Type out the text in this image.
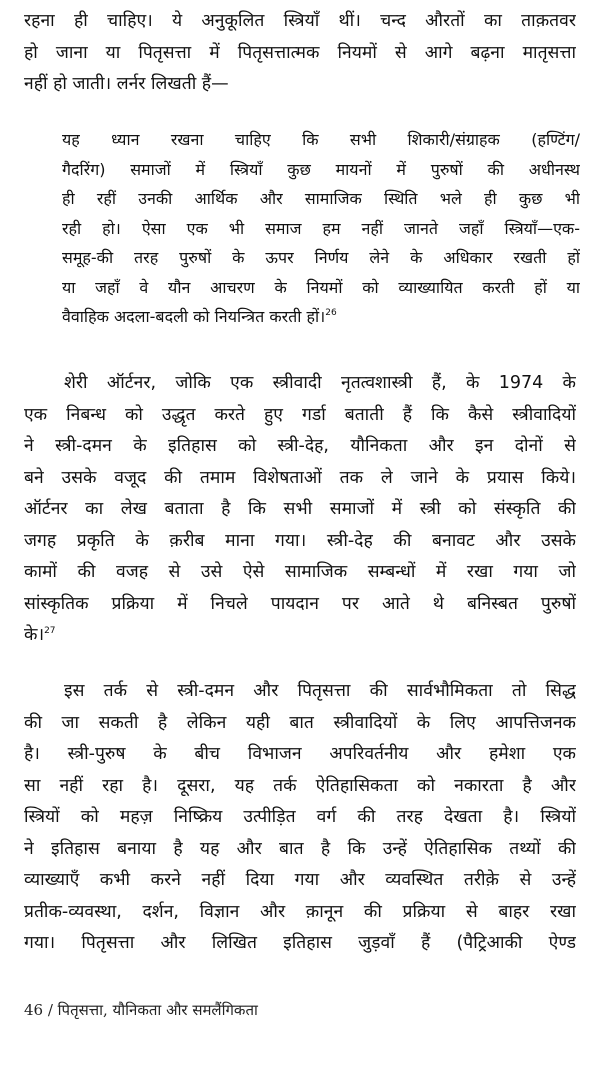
रहना ही चाहिए। ये अनुकूलित स्त्रियाँ थीं। चन्द औरतों का ताक़तवर
हो जाना या पितृसत्ता में पितृसत्तात्मक नियमों से आगे बढ़ना मातृसत्ता
नहीं हो जाती। लर्नर लिखती हैं—

यह ध्यान रखना चाहिए कि सभी शिकारी/संग्राहक (हण्टिंग/
गैदरिंग) समाजों में स्त्रियाँ कुछ मायनों में पुरुषों की अधीनस्थ
ही रहीं उनकी आर्थिक और सामाजिक स्थिति भले ही कुछ भी
रही हो। ऐसा एक भी समाज हम नहीं जानते जहाँ स्त्रियाँ—एक-
समूह-की तरह पुरुषों के ऊपर निर्णय लेने के अधिकार रखती हों
या जहाँ वे यौन आचरण के नियमों को व्याख्यायित करती हों या
वैवाहिक अदला-बदली को नियन्त्रित करती हों।$^{26}$

शेरी ऑर्टनर, जोकि एक स्त्रीवादी नृतत्वशास्त्री हैं, के 1974 के
एक निबन्ध को उद्धृत करते हुए गर्डा बताती हैं कि कैसे स्त्रीवादियों
ने स्त्री-दमन के इतिहास को स्त्री-देह, यौनिकता और इन दोनों से
बने उसके वजूद की तमाम विशेषताओं तक ले जाने के प्रयास किये।
ऑर्टनर का लेख बताता है कि सभी समाजों में स्त्री को संस्कृति की
जगह प्रकृति के क़रीब माना गया। स्त्री-देह की बनावट और उसके
कामों की वजह से उसे ऐसे सामाजिक सम्बन्धों में रखा गया जो
सांस्कृतिक प्रक्रिया में निचले पायदान पर आते थे बनिस्बत पुरुषों
के।$^{27}$

इस तर्क से स्त्री-दमन और पितृसत्ता की सार्वभौमिकता तो सिद्ध
की जा सकती है लेकिन यही बात स्त्रीवादियों के लिए आपत्तिजनक
है। स्त्री-पुरुष के बीच विभाजन अपरिवर्तनीय और हमेशा एक
सा नहीं रहा है। दूसरा, यह तर्क ऐतिहासिकता को नकारता है और
स्त्रियों को महज़ निष्क्रिय उत्पीड़ित वर्ग की तरह देखता है। स्त्रियों
ने इतिहास बनाया है यह और बात है कि उन्हें ऐतिहासिक तथ्यों की
व्याख्याएँ कभी करने नहीं दिया गया और व्यवस्थित तरीक़े से उन्हें
प्रतीक-व्यवस्था, दर्शन, विज्ञान और क़ानून की प्रक्रिया से बाहर रखा
गया। पितृसत्ता और लिखित इतिहास जुड़वाँ हैं (पैट्रिआकी ऐण्ड

46 / पितृसत्ता, यौनिकता और समलैंगिकता
